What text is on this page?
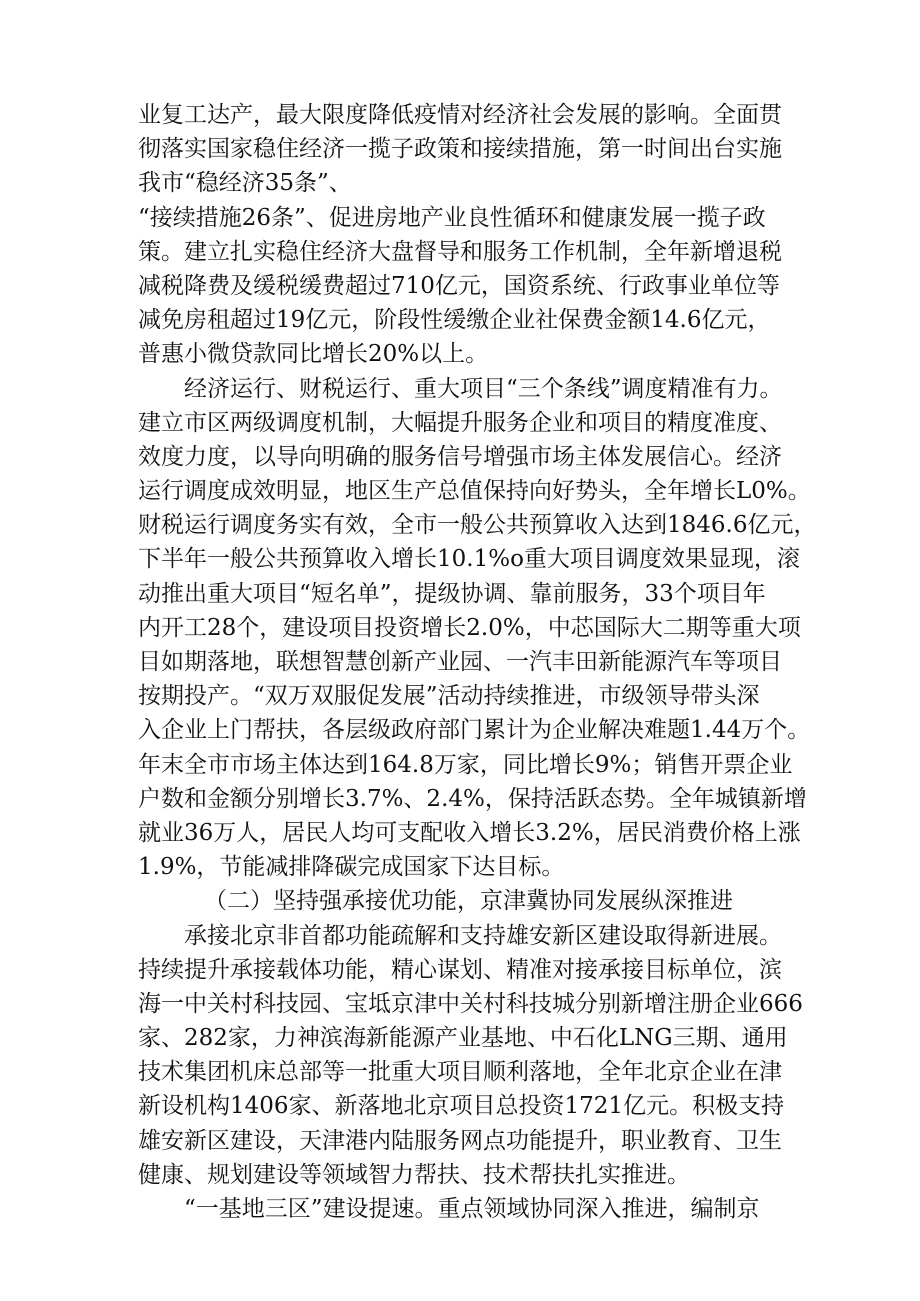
业复工达产，最大限度降低疫情对经济社会发展的影响。全面贯
彻落实国家稳住经济一揽子政策和接续措施，第一时间出台实施
我市“稳经济35条”、
“接续措施26条”、促进房地产业良性循环和健康发展一揽子政
策。建立扎实稳住经济大盘督导和服务工作机制，全年新增退税
减税降费及缓税缓费超过710亿元，国资系统、行政事业单位等
减免房租超过19亿元，阶段性缓缴企业社保费金额14.6亿元，
普惠小微贷款同比增长20%以上。
经济运行、财税运行、重大项目“三个条线”调度精准有力。
建立市区两级调度机制，大幅提升服务企业和项目的精度准度、
效度力度，以导向明确的服务信号增强市场主体发展信心。经济
运行调度成效明显，地区生产总值保持向好势头，全年增长L0%。
财税运行调度务实有效，全市一般公共预算收入达到1846.6亿元，
下半年一般公共预算收入增长10.1%o重大项目调度效果显现，滚
动推出重大项目“短名单”，提级协调、靠前服务，33个项目年
内开工28个，建设项目投资增长2.0%，中芯国际大二期等重大项
目如期落地，联想智慧创新产业园、一汽丰田新能源汽车等项目
按期投产。“双万双服促发展”活动持续推进，市级领导带头深
入企业上门帮扶，各层级政府部门累计为企业解决难题1.44万个。
年末全市市场主体达到164.8万家，同比增长9%；销售开票企业
户数和金额分别增长3.7%、2.4%，保持活跃态势。全年城镇新增
就业36万人，居民人均可支配收入增长3.2%，居民消费价格上涨
1.9%，节能减排降碳完成国家下达目标。
（二）坚持强承接优功能，京津冀协同发展纵深推进
承接北京非首都功能疏解和支持雄安新区建设取得新进展。
持续提升承接载体功能，精心谋划、精准对接承接目标单位，滨
海一中关村科技园、宝坻京津中关村科技城分别新增注册企业666
家、282家，力神滨海新能源产业基地、中石化LNG三期、通用
技术集团机床总部等一批重大项目顺利落地，全年北京企业在津
新设机构1406家、新落地北京项目总投资1721亿元。积极支持
雄安新区建设，天津港内陆服务网点功能提升，职业教育、卫生
健康、规划建设等领域智力帮扶、技术帮扶扎实推进。
“一基地三区”建设提速。重点领域协同深入推进，编制京
